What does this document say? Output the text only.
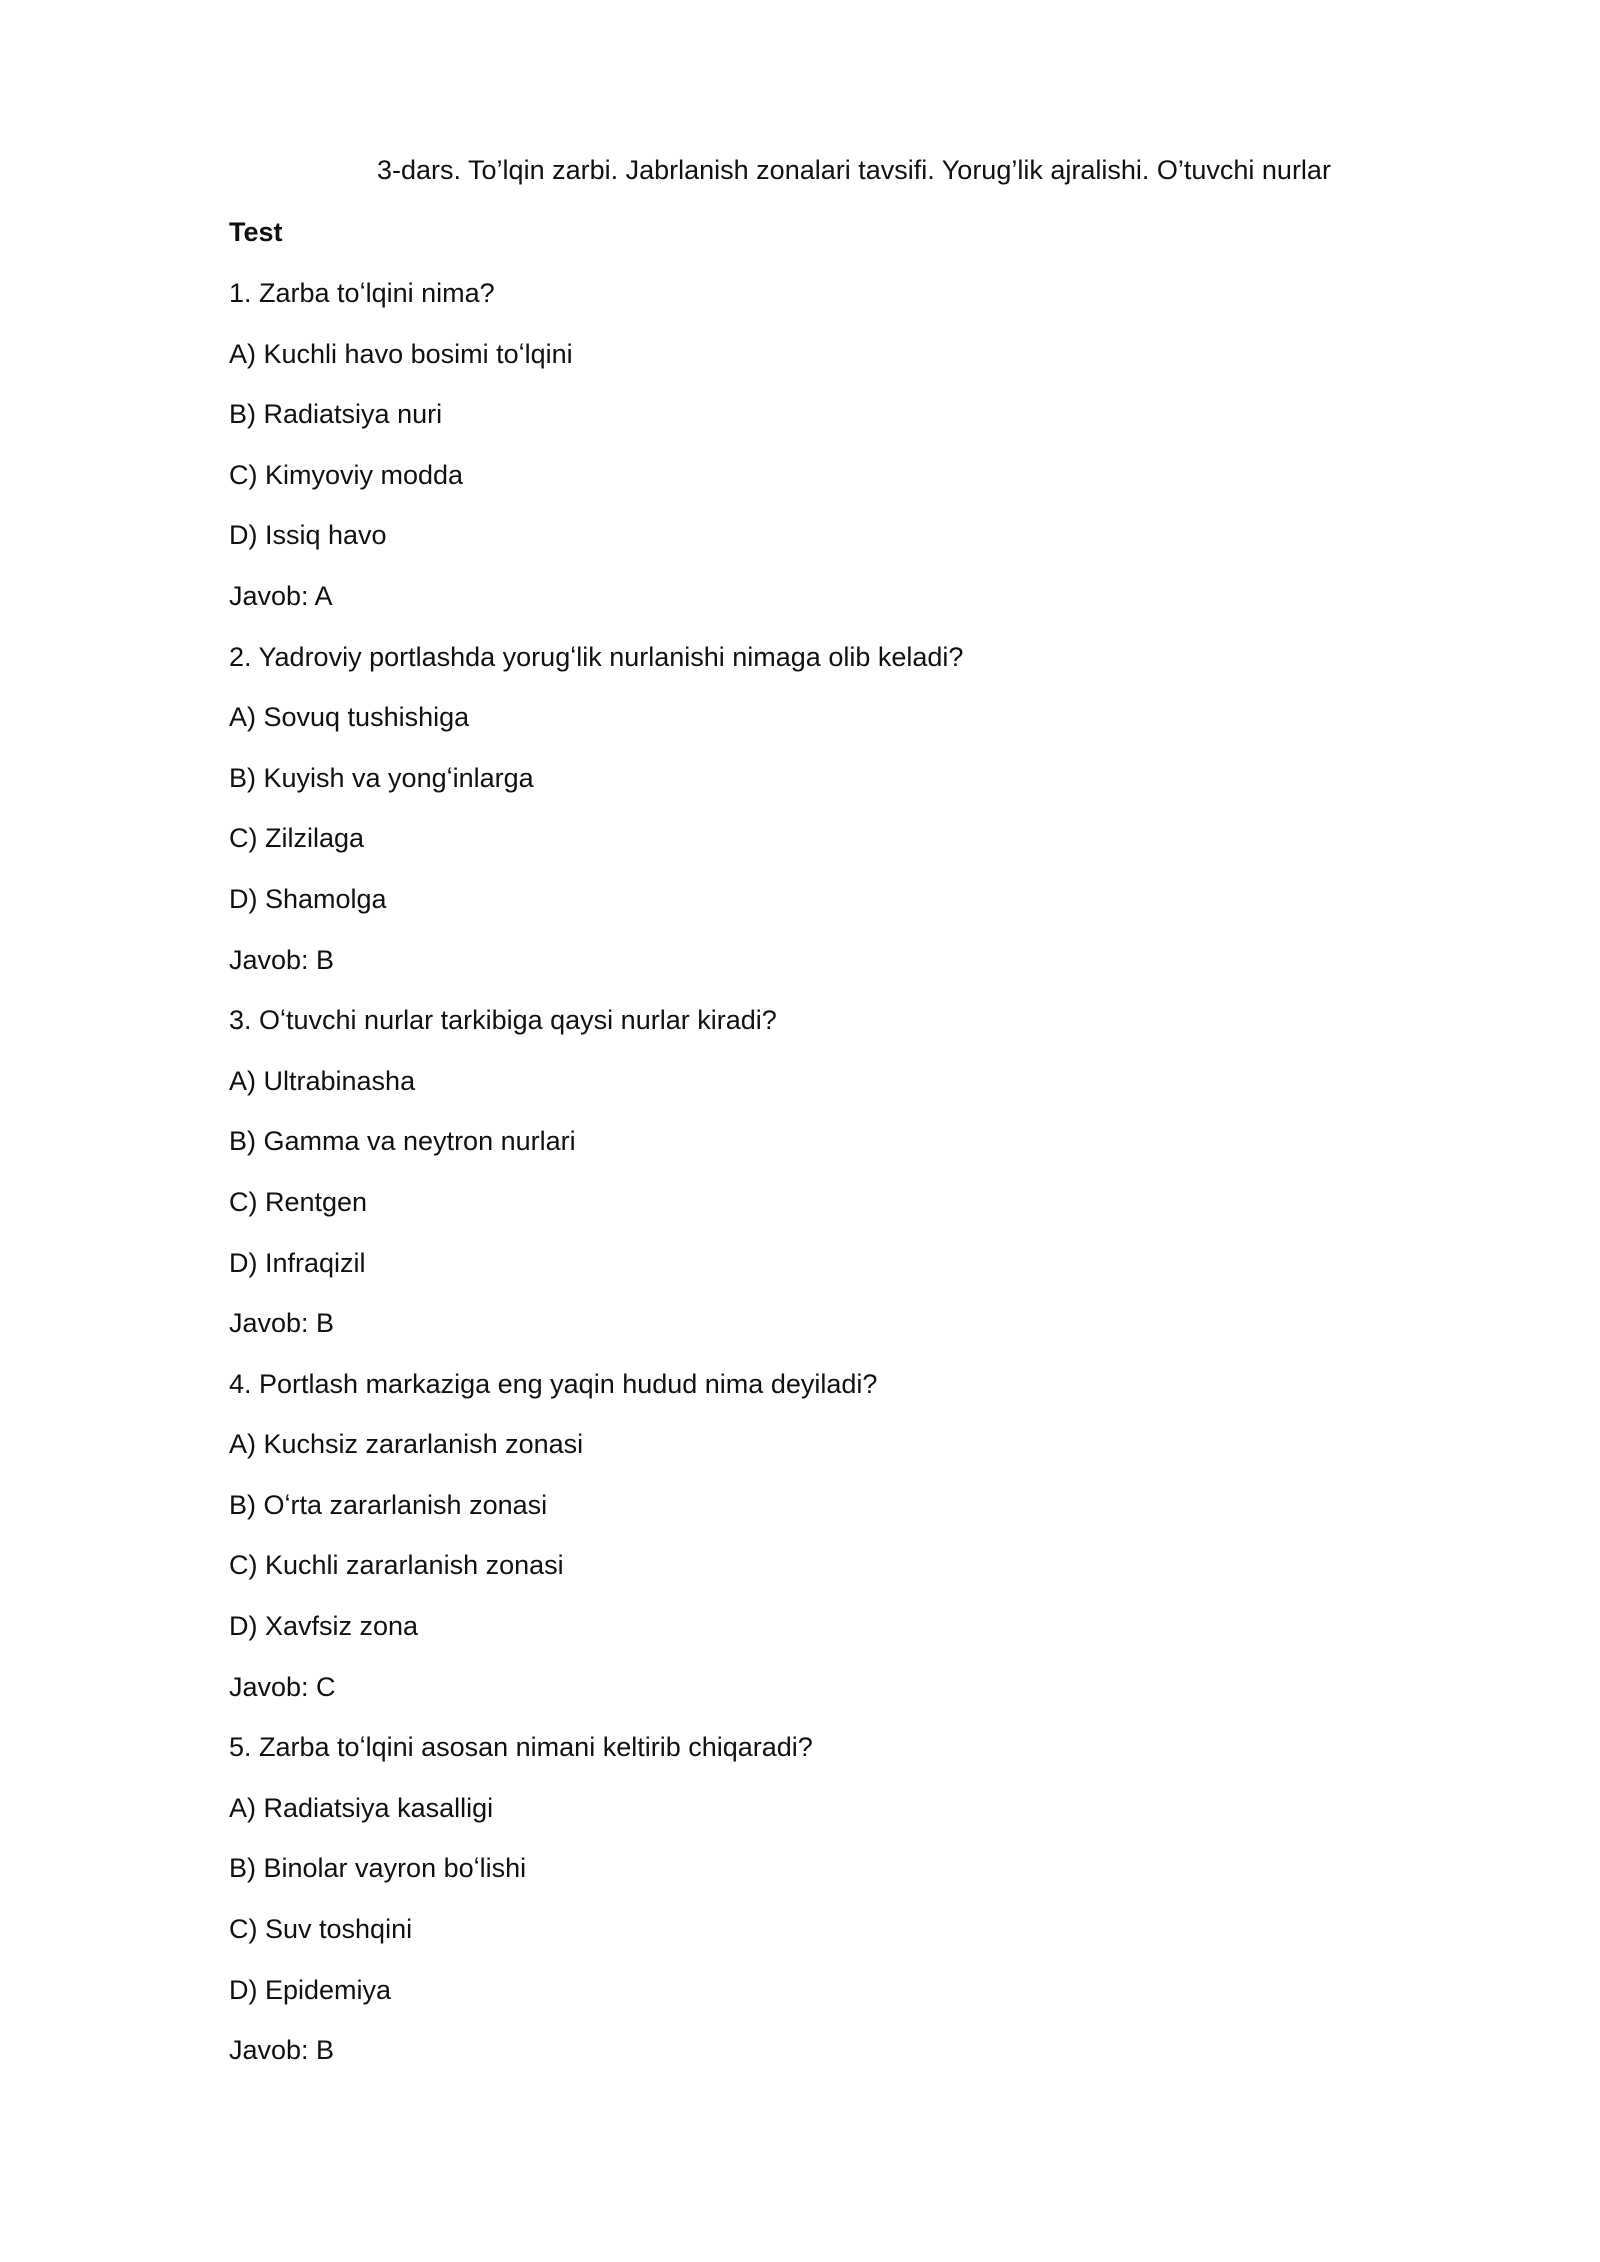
3-dars. To’lqin zarbi. Jabrlanish zonalari tavsifi. Yorug’lik ajralishi. O’tuvchi nurlar
Test
1. Zarba toʻlqini nima?
A) Kuchli havo bosimi toʻlqini
B) Radiatsiya nuri
C) Kimyoviy modda
D) Issiq havo
Javob: A
2. Yadroviy portlashda yorugʻlik nurlanishi nimaga olib keladi?
A) Sovuq tushishiga
B) Kuyish va yongʻinlarga
C) Zilzilaga
D) Shamolga
Javob: B
3. Oʻtuvchi nurlar tarkibiga qaysi nurlar kiradi?
A) Ultrabinasha
B) Gamma va neytron nurlari
C) Rentgen
D) Infraqizil
Javob: B
4. Portlash markaziga eng yaqin hudud nima deyiladi?
A) Kuchsiz zararlanish zonasi
B) Oʻrta zararlanish zonasi
C) Kuchli zararlanish zonasi
D) Xavfsiz zona
Javob: C
5. Zarba toʻlqini asosan nimani keltirib chiqaradi?
A) Radiatsiya kasalligi
B) Binolar vayron boʻlishi
C) Suv toshqini
D) Epidemiya
Javob: B
